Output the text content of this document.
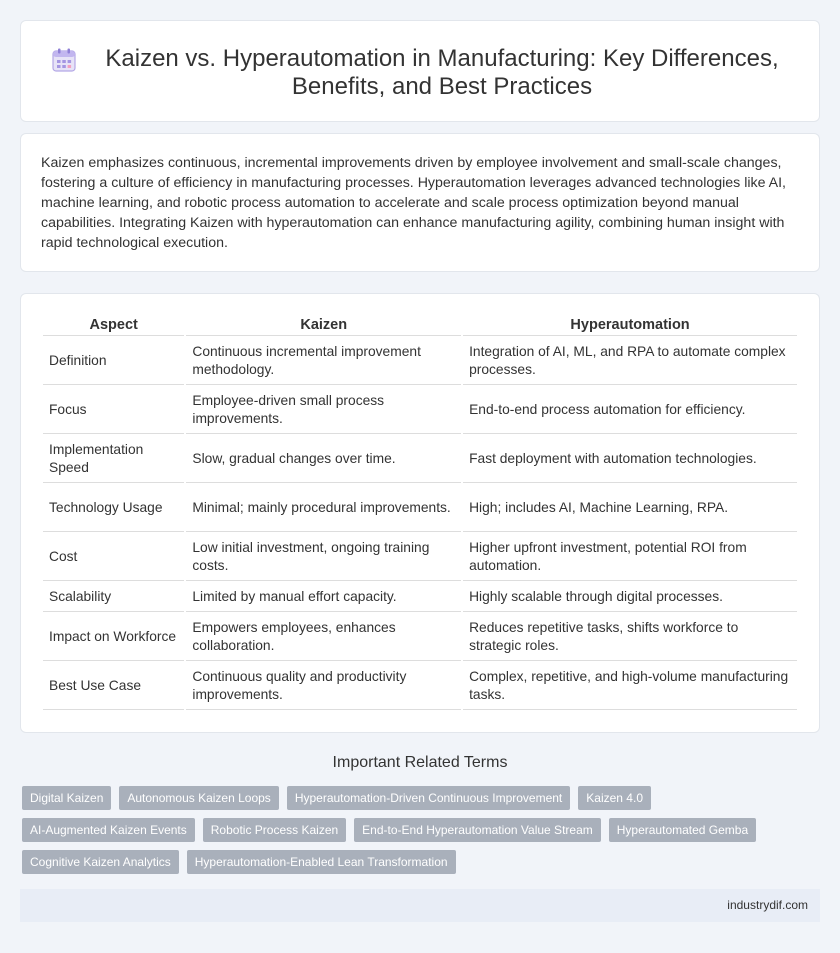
Kaizen vs. Hyperautomation in Manufacturing: Key Differences, Benefits, and Best Practices

Kaizen emphasizes continuous, incremental improvements driven by employee involvement and small-scale changes, fostering a culture of efficiency in manufacturing processes. Hyperautomation leverages advanced technologies like AI, machine learning, and robotic process automation to accelerate and scale process optimization beyond manual capabilities. Integrating Kaizen with hyperautomation can enhance manufacturing agility, combining human insight with rapid technological execution.

Aspect	Kaizen	Hyperautomation
Definition	Continuous incremental improvement methodology.	Integration of AI, ML, and RPA to automate complex processes.
Focus	Employee-driven small process improvements.	End-to-end process automation for efficiency.
Implementation Speed	Slow, gradual changes over time.	Fast deployment with automation technologies.
Technology Usage	Minimal; mainly procedural improvements.	High; includes AI, Machine Learning, RPA.
Cost	Low initial investment, ongoing training costs.	Higher upfront investment, potential ROI from automation.
Scalability	Limited by manual effort capacity.	Highly scalable through digital processes.
Impact on Workforce	Empowers employees, enhances collaboration.	Reduces repetitive tasks, shifts workforce to strategic roles.
Best Use Case	Continuous quality and productivity improvements.	Complex, repetitive, and high-volume manufacturing tasks.
Important Related Terms
Digital Kaizen	Autonomous Kaizen Loops	Hyperautomation-Driven Continuous Improvement	Kaizen 4.0
AI-Augmented Kaizen Events	Robotic Process Kaizen	End-to-End Hyperautomation Value Stream	Hyperautomated Gemba
Cognitive Kaizen Analytics	Hyperautomation-Enabled Lean Transformation
industrydif.com
